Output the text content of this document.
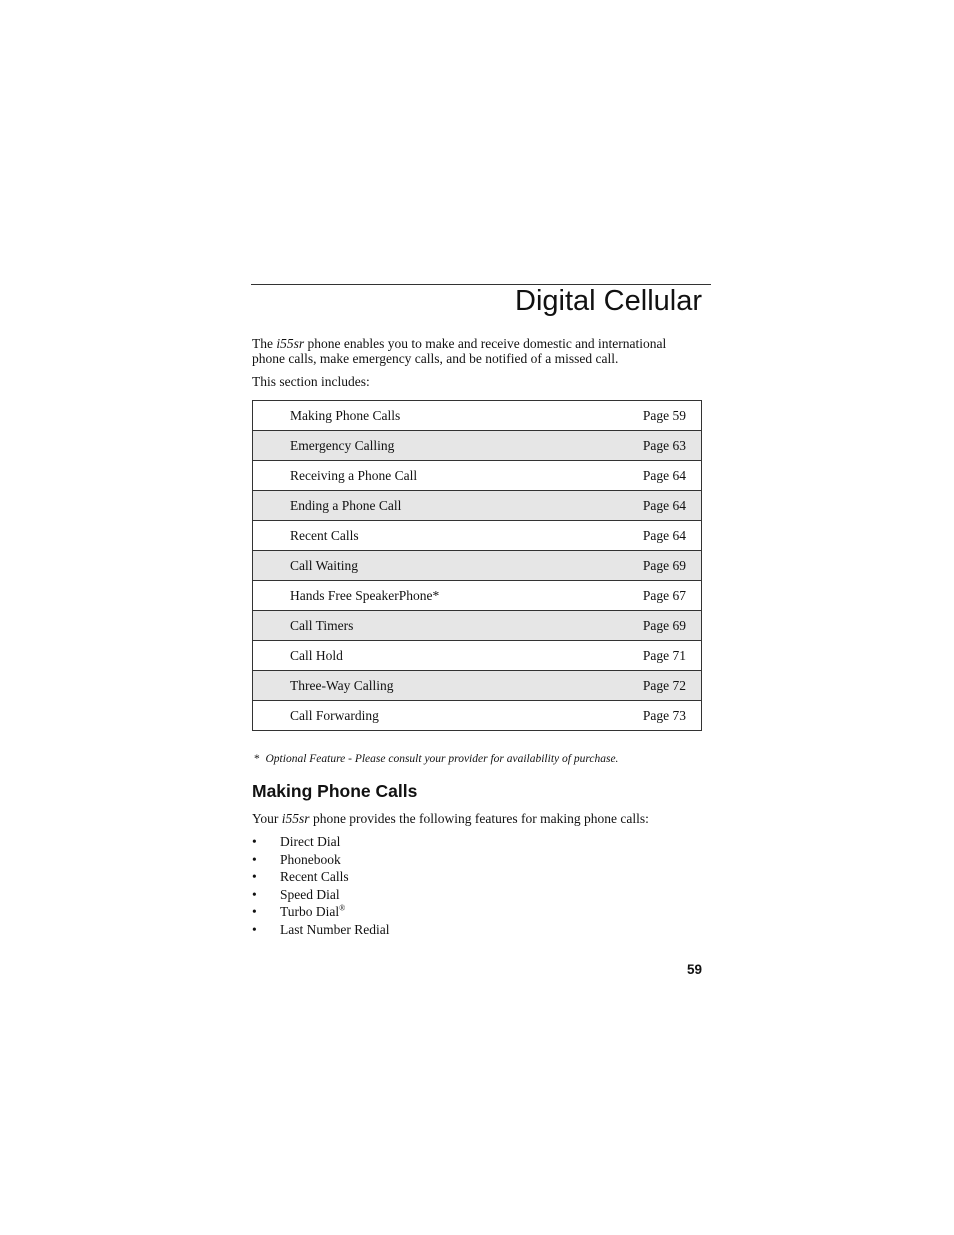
Digital Cellular

The i55sr phone enables you to make and receive domestic and international phone calls, make emergency calls, and be notified of a missed call.

This section includes:

Making Phone Calls	Page 59
Emergency Calling	Page 63
Receiving a Phone Call	Page 64
Ending a Phone Call	Page 64
Recent Calls	Page 64
Call Waiting	Page 69
Hands Free SpeakerPhone*	Page 67
Call Timers	Page 69
Call Hold	Page 71
Three-Way Calling	Page 72
Call Forwarding	Page 73

* Optional Feature - Please consult your provider for availability of purchase.

Making Phone Calls

Your i55sr phone provides the following features for making phone calls:

• Direct Dial
• Phonebook
• Recent Calls
• Speed Dial
• Turbo Dial®
• Last Number Redial

59
